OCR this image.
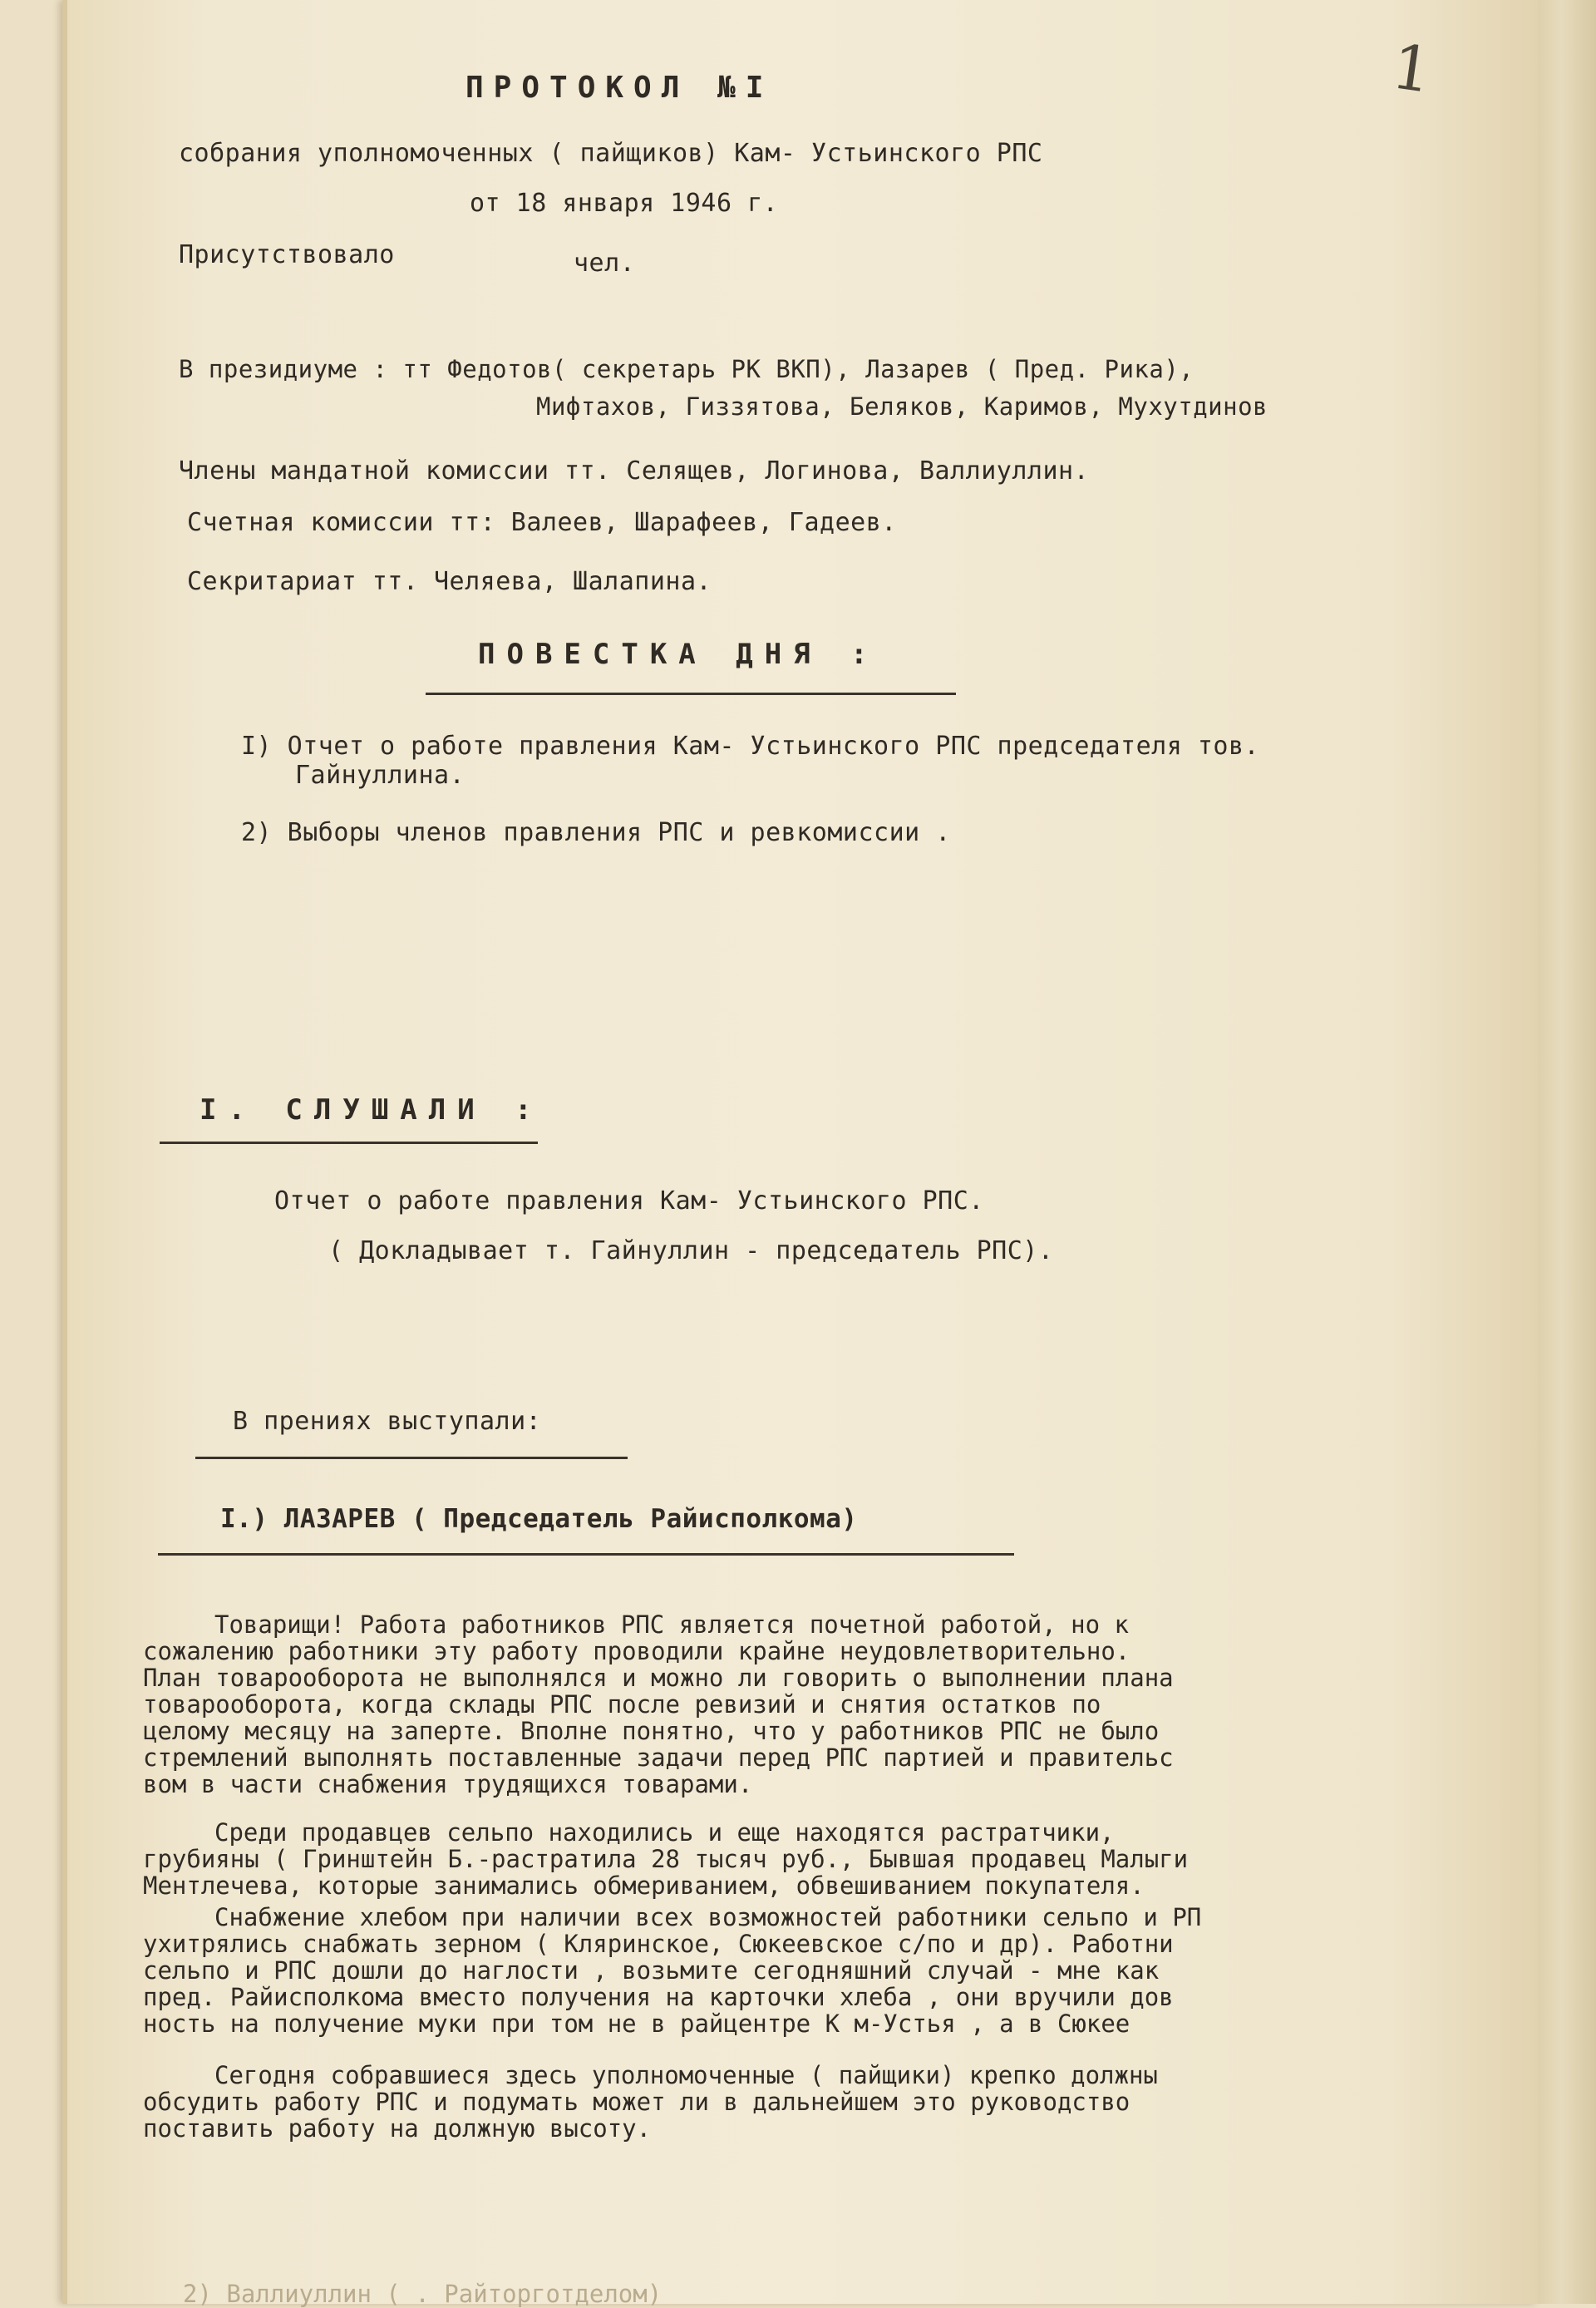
1

ПРОТОКОЛ №I

собрания уполномоченных ( пайщиков) Кам- Устьинского РПС

от 18 января 1946 г.

Присутствовало	чел.

В президиуме : тт Федотов( секретарь РК ВКП), Лазарев ( Пред. Рика),

Мифтахов, Гиззятова, Беляков, Каримов, Мухутдинов

Члены мандатной комиссии тт. Селящев, Логинова, Валлиуллин.

Счетная комиссии тт: Валеев, Шарафеев, Гадеев.

Секритариат тт. Челяева, Шалапина.

ПОВЕСТКА ДНЯ :

I) Отчет о работе правления Кам- Устьинского РПС председателя тов.

Гайнуллина.

2) Выборы членов правления РПС и ревкомиссии .

I. СЛУШАЛИ :

Отчет о работе правления Кам- Устьинского РПС.

( Докладывает т. Гайнуллин - председатель РПС).

В прениях выступали:

I.) ЛАЗАРЕВ ( Председатель Райисполкома)

Товарищи! Работа работников РПС является почетной работой, но к

сожалению работники эту работу проводили крайне неудовлетворительно.

План товарооборота не выполнялся и можно ли говорить о выполнении плана

товарооборота, когда склады РПС после ревизий и снятия остатков по

целому месяцу на заперте. Вполне понятно, что у работников РПС не было

стремлений выполнять поставленные задачи перед РПС партией и правительс

вом в части снабжения трудящихся товарами.

Среди продавцев сельпо находились и еще находятся растратчики,

грубияны ( Гринштейн Б.-растратила 28 тысяч руб., Бывшая продавец Малыги

Ментлечева, которые занимались обмериванием, обвешиванием покупателя.

Снабжение хлебом при наличии всех возможностей работники сельпо и РП

ухитрялись снабжать зерном ( Кляринское, Сюкеевское с/по и др). Работни

сельпо и РПС дошли до наглости , возьмите сегодняшний случай - мне как

пред. Райисполкома вместо получения на карточки хлеба , они вручили дов

ность на получение муки при том не в райцентре К м-Устья , а в Сюкее

Сегодня собравшиеся здесь уполномоченные ( пайщики) крепко должны

обсудить работу РПС и подумать может ли в дальнейшем это руководство

поставить работу на должную высоту.

2) Валлиуллин ( . Райторготделом)
